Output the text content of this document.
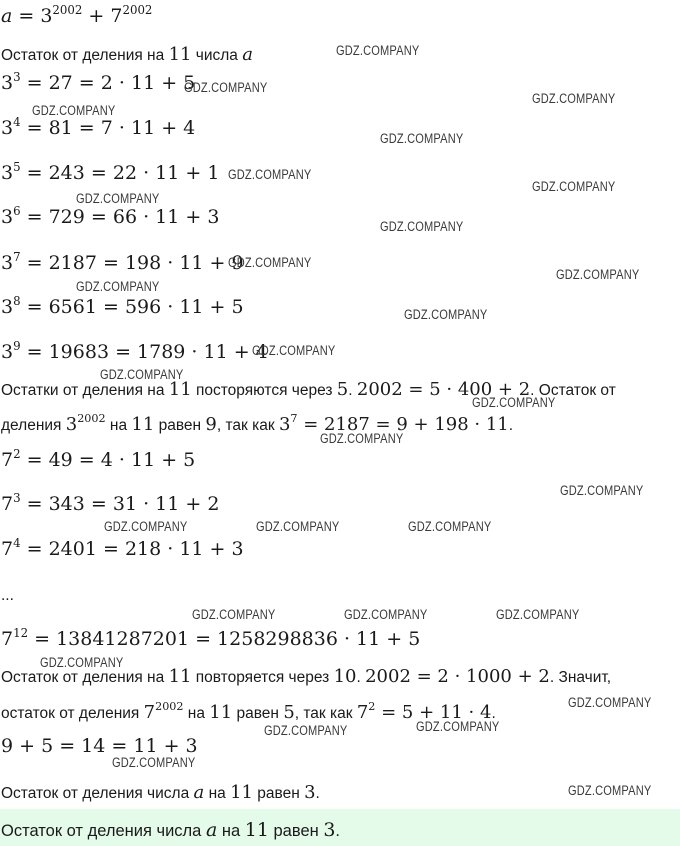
$a = 3^{2002} + 7^{2002}$
Остаток от деления на 11 числа a
$3^3 = 27 = 2 \cdot 11 + 5$
$3^4 = 81 = 7 \cdot 11 + 4$
$3^5 = 243 = 22 \cdot 11 + 1$
$3^6 = 729 = 66 \cdot 11 + 3$
$3^7 = 2187 = 198 \cdot 11 + 9$
$3^8 = 6561 = 596 \cdot 11 + 5$
$3^9 = 19683 = 1789 \cdot 11 + 4$
Остатки от деления на 11 посторяются через 5. 2002 = 5 · 400 + 2. Остаток от
деления $3^{2002}$ на 11 равен 9, так как $3^7 = 2187 = 9 + 198 \cdot 11$.
$7^2 = 49 = 4 \cdot 11 + 5$
$7^3 = 343 = 31 \cdot 11 + 2$
$7^4 = 2401 = 218 \cdot 11 + 3$
...
$7^{12} = 13841287201 = 1258298836 \cdot 11 + 5$
Остаток от деления на 11 повторяется через 10. 2002 = 2 · 1000 + 2. Значит,
остаток от деления $7^{2002}$ на 11 равен 5, так как $7^2 = 5 + 11 \cdot 4$.
9 + 5 = 14 = 11 + 3
Остаток от деления числа a на 11 равен 3.
Остаток от деления числа a на 11 равен 3.
GDZ.COMPANY
GDZ.COMPANY
GDZ.COMPANY
GDZ.COMPANY
GDZ.COMPANY
GDZ.COMPANY
GDZ.COMPANY
GDZ.COMPANY
GDZ.COMPANY
GDZ.COMPANY
GDZ.COMPANY
GDZ.COMPANY
GDZ.COMPANY
GDZ.COMPANY
GDZ.COMPANY
GDZ.COMPANY
GDZ.COMPANY
GDZ.COMPANY
GDZ.COMPANY	GDZ.COMPANY	GDZ.COMPANY
GDZ.COMPANY	GDZ.COMPANY	GDZ.COMPANY
GDZ.COMPANY
GDZ.COMPANY
GDZ.COMPANY
GDZ.COMPANY
GDZ.COMPANY
GDZ.COMPANY
